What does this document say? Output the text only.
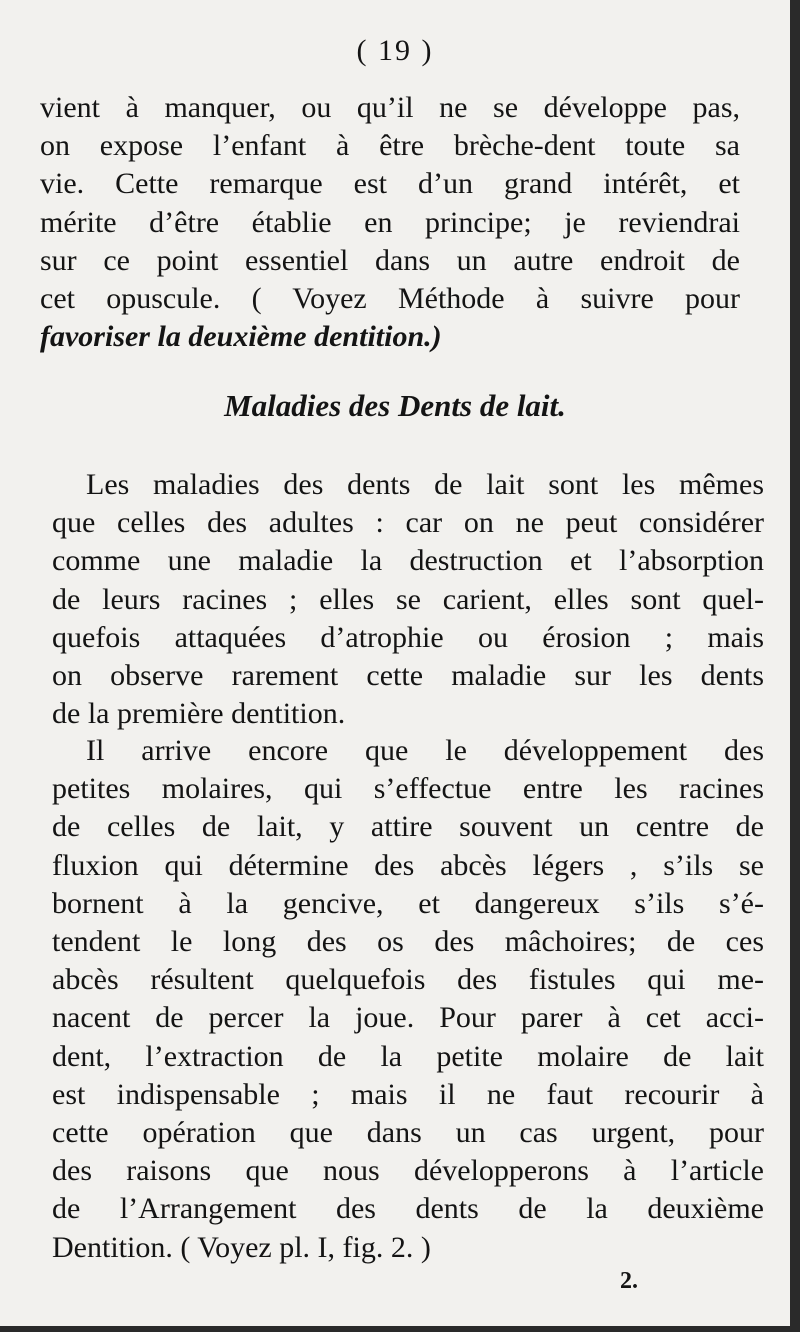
( 19 )
vient à manquer, ou qu’il ne se développe pas,
on expose l’enfant à être brèche-dent toute sa
vie. Cette remarque est d’un grand intérêt, et
mérite d’être établie en principe; je reviendrai
sur ce point essentiel dans un autre endroit de
cet opuscule. ( Voyez Méthode à suivre pour
favoriser la deuxième dentition.)
Maladies des Dents de lait.
Les maladies des dents de lait sont les mêmes
que celles des adultes : car on ne peut considérer
comme une maladie la destruction et l’absorption
de leurs racines ; elles se carient, elles sont quel-
quefois attaquées d’atrophie ou érosion ; mais
on observe rarement cette maladie sur les dents
de la première dentition.
Il arrive encore que le développement des
petites molaires, qui s’effectue entre les racines
de celles de lait, y attire souvent un centre de
fluxion qui détermine des abcès légers , s’ils se
bornent à la gencive, et dangereux s’ils s’é-
tendent le long des os des mâchoires; de ces
abcès résultent quelquefois des fistules qui me-
nacent de percer la joue. Pour parer à cet acci-
dent, l’extraction de la petite molaire de lait
est indispensable ; mais il ne faut recourir à
cette opération que dans un cas urgent, pour
des raisons que nous développerons à l’article
de l’Arrangement des dents de la deuxième
Dentition. ( Voyez pl. I, fig. 2. )
2.
